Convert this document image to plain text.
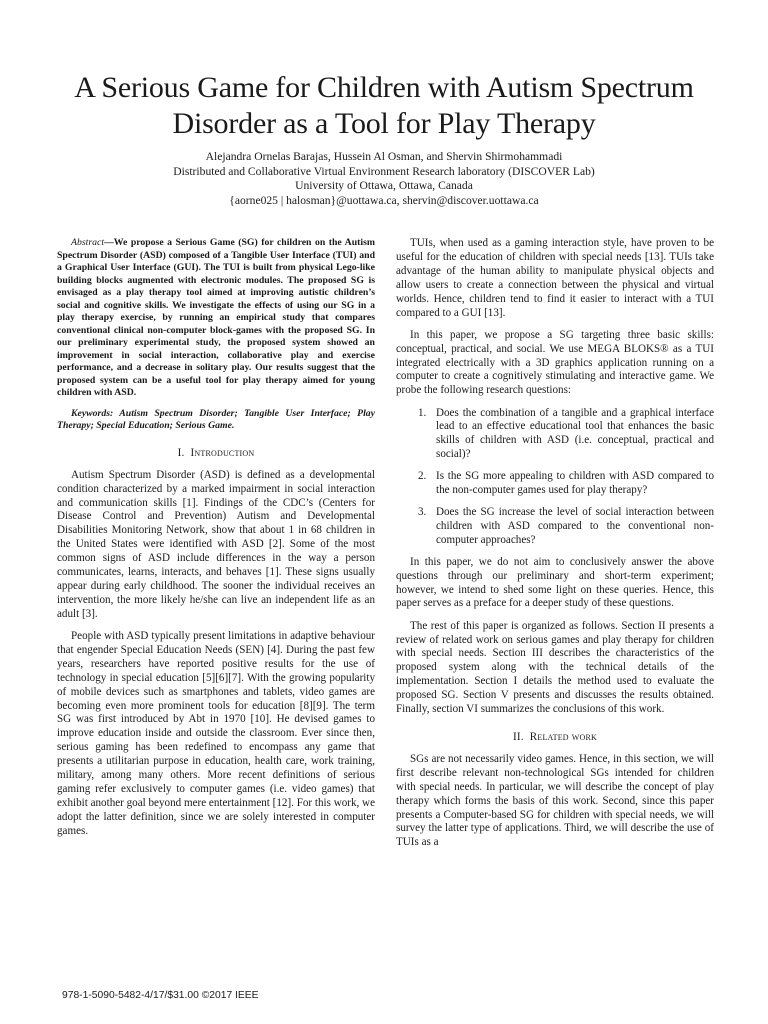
A Serious Game for Children with Autism Spectrum
Disorder as a Tool for Play Therapy
Alejandra Ornelas Barajas, Hussein Al Osman, and Shervin Shirmohammadi
Distributed and Collaborative Virtual Environment Research laboratory (DISCOVER Lab)
University of Ottawa, Ottawa, Canada
{aorne025 | halosman}@uottawa.ca, shervin@discover.uottawa.ca

Abstract—We propose a Serious Game (SG) for children on the Autism Spectrum Disorder (ASD) composed of a Tangible User Interface (TUI) and a Graphical User Interface (GUI). The TUI is built from physical Lego-like building blocks augmented with electronic modules. The proposed SG is envisaged as a play therapy tool aimed at improving autistic children’s social and cognitive skills. We investigate the effects of using our SG in a play therapy exercise, by running an empirical study that compares conventional clinical non-computer block-games with the proposed SG. In our preliminary experimental study, the proposed system showed an improvement in social interaction, collaborative play and exercise performance, and a decrease in solitary play. Our results suggest that the proposed system can be a useful tool for play therapy aimed for young children with ASD.

Keywords: Autism Spectrum Disorder; Tangible User Interface; Play Therapy; Special Education; Serious Game.

I. Introduction

Autism Spectrum Disorder (ASD) is defined as a developmental condition characterized by a marked impairment in social interaction and communication skills [1]. Findings of the CDC’s (Centers for Disease Control and Prevention) Autism and Developmental Disabilities Monitoring Network, show that about 1 in 68 children in the United States were identified with ASD [2]. Some of the most common signs of ASD include differences in the way a person communicates, learns, interacts, and behaves [1]. These signs usually appear during early childhood. The sooner the individual receives an intervention, the more likely he/she can live an independent life as an adult [3].

People with ASD typically present limitations in adaptive behaviour that engender Special Education Needs (SEN) [4]. During the past few years, researchers have reported positive results for the use of technology in special education [5][6][7]. With the growing popularity of mobile devices such as smartphones and tablets, video games are becoming even more prominent tools for education [8][9]. The term SG was first introduced by Abt in 1970 [10]. He devised games to improve education inside and outside the classroom. Ever since then, serious gaming has been redefined to encompass any game that presents a utilitarian purpose in education, health care, work training, military, among many others. More recent definitions of serious gaming refer exclusively to computer games (i.e. video games) that exhibit another goal beyond mere entertainment [12]. For this work, we adopt the latter definition, since we are solely interested in computer games.

TUIs, when used as a gaming interaction style, have proven to be useful for the education of children with special needs [13]. TUIs take advantage of the human ability to manipulate physical objects and allow users to create a connection between the physical and virtual worlds. Hence, children tend to find it easier to interact with a TUI compared to a GUI [13].

In this paper, we propose a SG targeting three basic skills: conceptual, practical, and social. We use MEGA BLOKS® as a TUI integrated electrically with a 3D graphics application running on a computer to create a cognitively stimulating and interactive game. We probe the following research questions:

1. Does the combination of a tangible and a graphical interface lead to an effective educational tool that enhances the basic skills of children with ASD (i.e. conceptual, practical and social)?
2. Is the SG more appealing to children with ASD compared to the non-computer games used for play therapy?
3. Does the SG increase the level of social interaction between children with ASD compared to the conventional non-computer approaches?

In this paper, we do not aim to conclusively answer the above questions through our preliminary and short-term experiment; however, we intend to shed some light on these queries. Hence, this paper serves as a preface for a deeper study of these questions.

The rest of this paper is organized as follows. Section II presents a review of related work on serious games and play therapy for children with special needs. Section III describes the characteristics of the proposed system along with the technical details of the implementation. Section I details the method used to evaluate the proposed SG. Section V presents and discusses the results obtained. Finally, section VI summarizes the conclusions of this work.

II. Related work

SGs are not necessarily video games. Hence, in this section, we will first describe relevant non-technological SGs intended for children with special needs. In particular, we will describe the concept of play therapy which forms the basis of this work. Second, since this paper presents a Computer-based SG for children with special needs, we will survey the latter type of applications. Third, we will describe the use of TUIs as a

978-1-5090-5482-4/17/$31.00 ©2017 IEEE
